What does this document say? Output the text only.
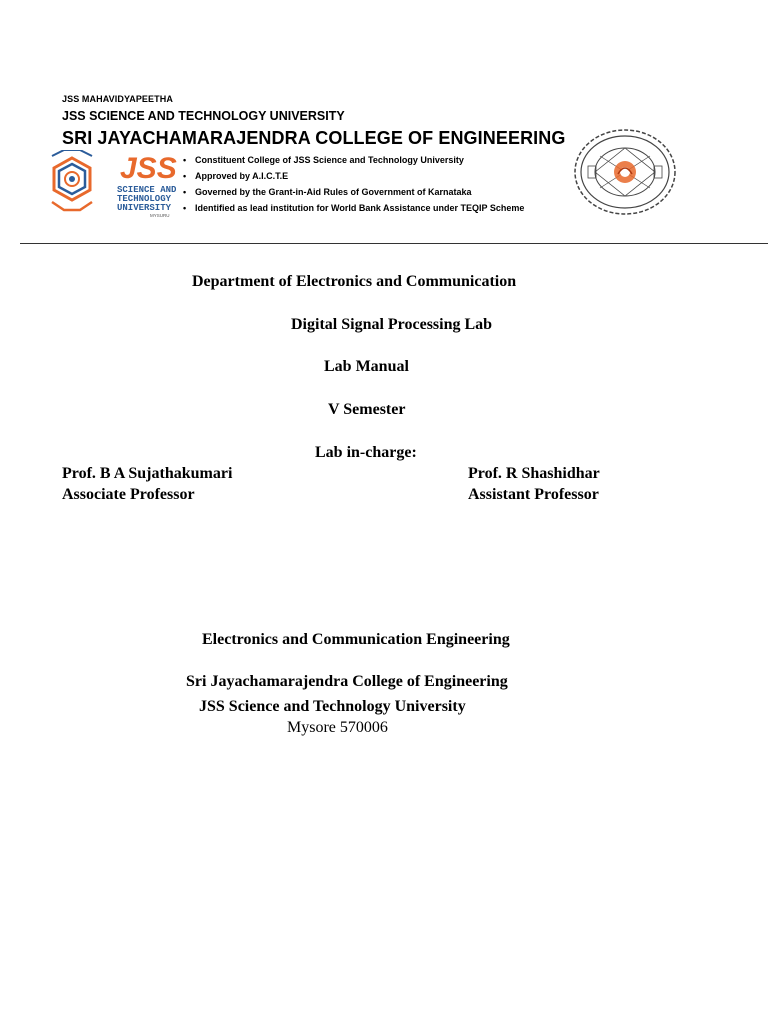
JSS MAHAVIDYAPEETHA
JSS SCIENCE AND TECHNOLOGY UNIVERSITY
SRI JAYACHAMARAJENDRA COLLEGE OF ENGINEERING
JSS
SCIENCE AND
TECHNOLOGY
UNIVERSITY
MYSURU
• Constituent College of JSS Science and Technology University
• Approved by A.I.C.T.E
• Governed by the Grant-in-Aid Rules of Government of Karnataka
• Identified as lead institution for World Bank Assistance under TEQIP Scheme
Department of Electronics and Communication
Digital Signal Processing Lab
Lab Manual
V Semester
Lab in-charge:
Prof. B A Sujathakumari
Associate Professor
Prof. R Shashidhar
Assistant Professor
Electronics and Communication Engineering
Sri Jayachamarajendra College of Engineering
JSS Science and Technology University
Mysore 570006
